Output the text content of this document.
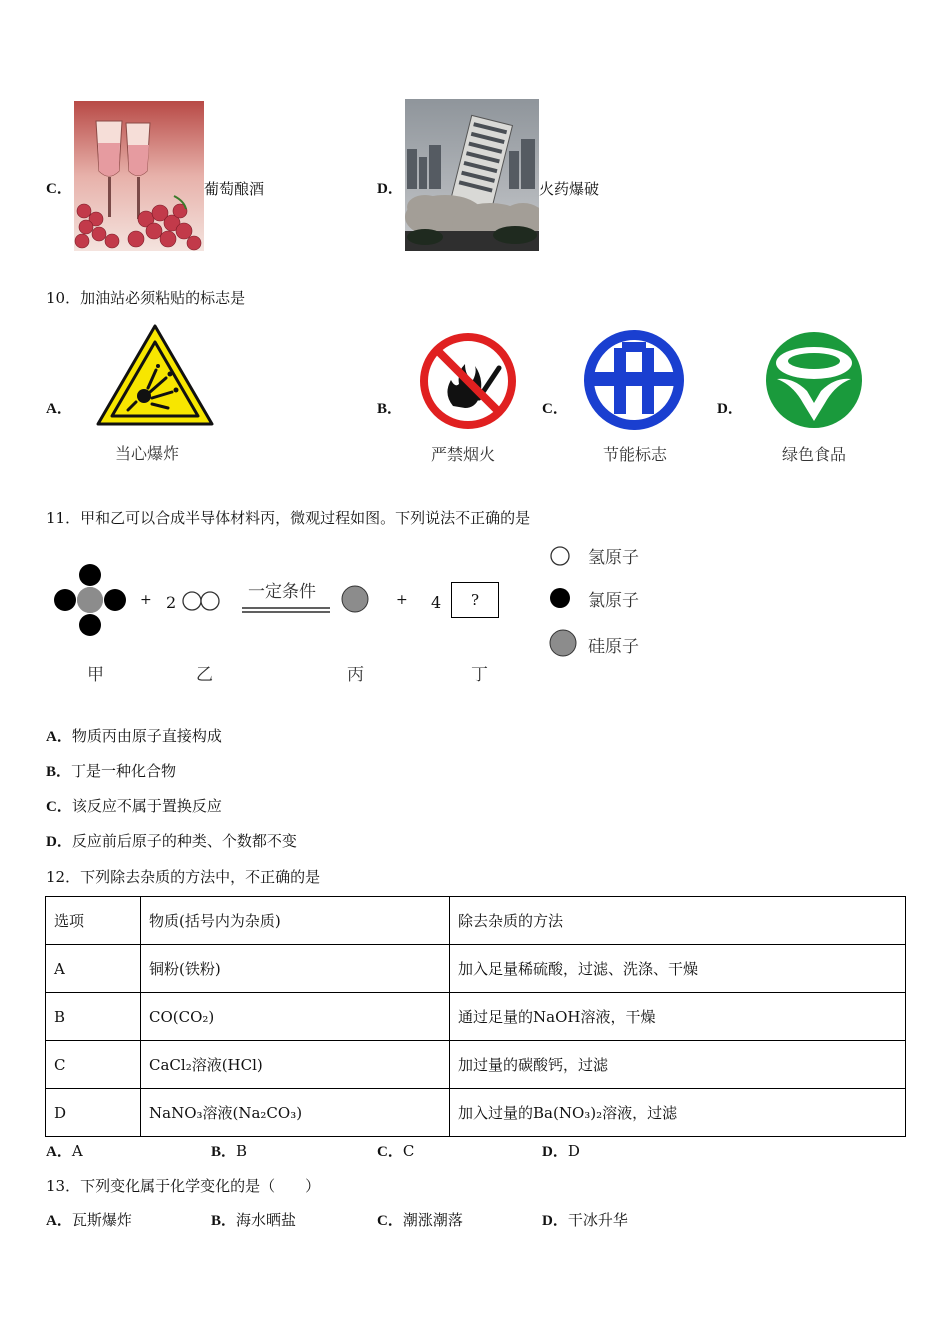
C．	葡萄酿酒	D．	火药爆破
10．加油站必须粘贴的标志是
A．
当心爆炸
B．
严禁烟火
C．
节能标志
D．
绿色食品
11．甲和乙可以合成半导体材料丙，微观过程如图。下列说法不正确的是
+ 2
一定条件	+ 4 ?
甲	乙	丙	丁
氢原子
氯原子
硅原子
A．物质丙由原子直接构成
B．丁是一种化合物
C．该反应不属于置换反应
D．反应前后原子的种类、个数都不变
12．下列除去杂质的方法中，不正确的是
选项	物质(括号内为杂质)	除去杂质的方法
A	铜粉(铁粉)	加入足量稀硫酸，过滤、洗涤、干燥
B	CO(CO₂)	通过足量的NaOH溶液，干燥
C	CaCl₂溶液(HCl)	加过量的碳酸钙，过滤
D	NaNO₃溶液(Na₂CO₃)	加入过量的Ba(NO₃)₂溶液，过滤
A．A	B．B	C．C	D．D
13．下列变化属于化学变化的是（　　）
A．瓦斯爆炸	B．海水晒盐	C．潮涨潮落	D．干冰升华
